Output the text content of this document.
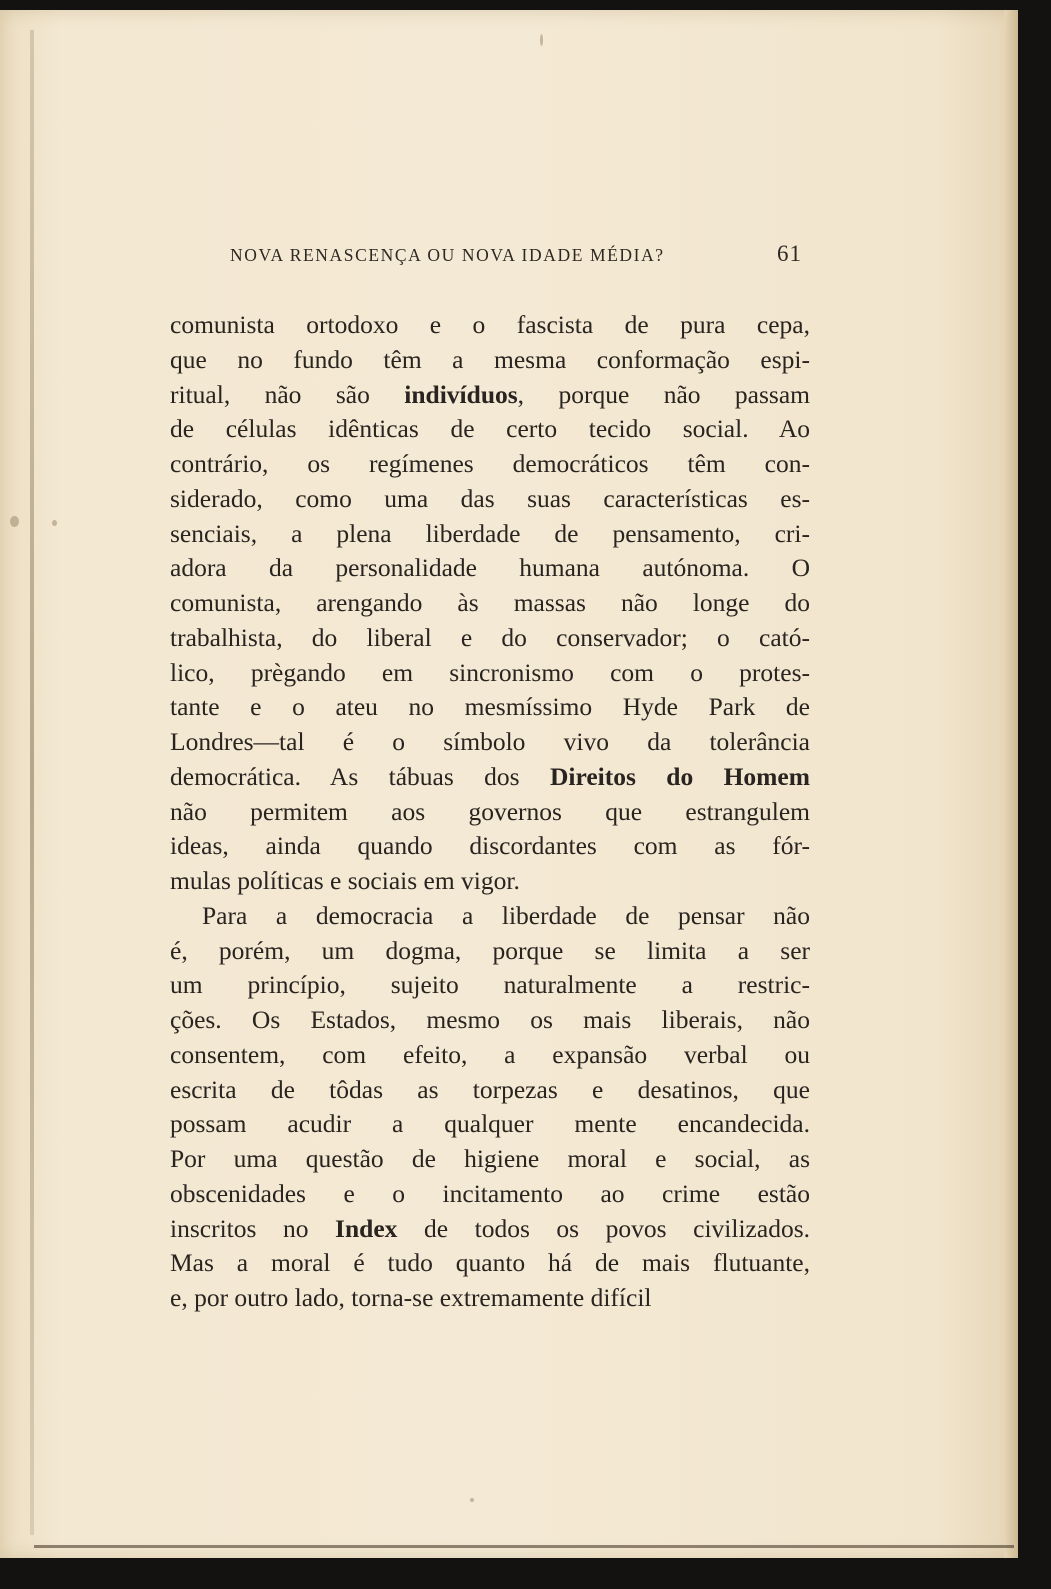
NOVA RENASCENÇA OU NOVA IDADE MÉDIA?	61
comunista ortodoxo e o fascista de pura cepa,
que no fundo têm a mesma conformação espi-
ritual, não são indivíduos, porque não passam
de células idênticas de certo tecido social. Ao
contrário, os regímenes democráticos têm con-
siderado, como uma das suas características es-
senciais, a plena liberdade de pensamento, cri-
adora da personalidade humana autónoma. O
comunista, arengando às massas não longe do
trabalhista, do liberal e do conservador; o cató-
lico, prègando em sincronismo com o protes-
tante e o ateu no mesmíssimo Hyde Park de
Londres—tal é o símbolo vivo da tolerância
democrática. As tábuas dos Direitos do Homem
não permitem aos governos que estrangulem
ideas, ainda quando discordantes com as fór-
mulas políticas e sociais em vigor.
Para a democracia a liberdade de pensar não
é, porém, um dogma, porque se limita a ser
um princípio, sujeito naturalmente a restric-
ções. Os Estados, mesmo os mais liberais, não
consentem, com efeito, a expansão verbal ou
escrita de tôdas as torpezas e desatinos, que
possam acudir a qualquer mente encandecida.
Por uma questão de higiene moral e social, as
obscenidades e o incitamento ao crime estão
inscritos no Index de todos os povos civilizados.
Mas a moral é tudo quanto há de mais flutuante,
e, por outro lado, torna-se extremamente difícil
